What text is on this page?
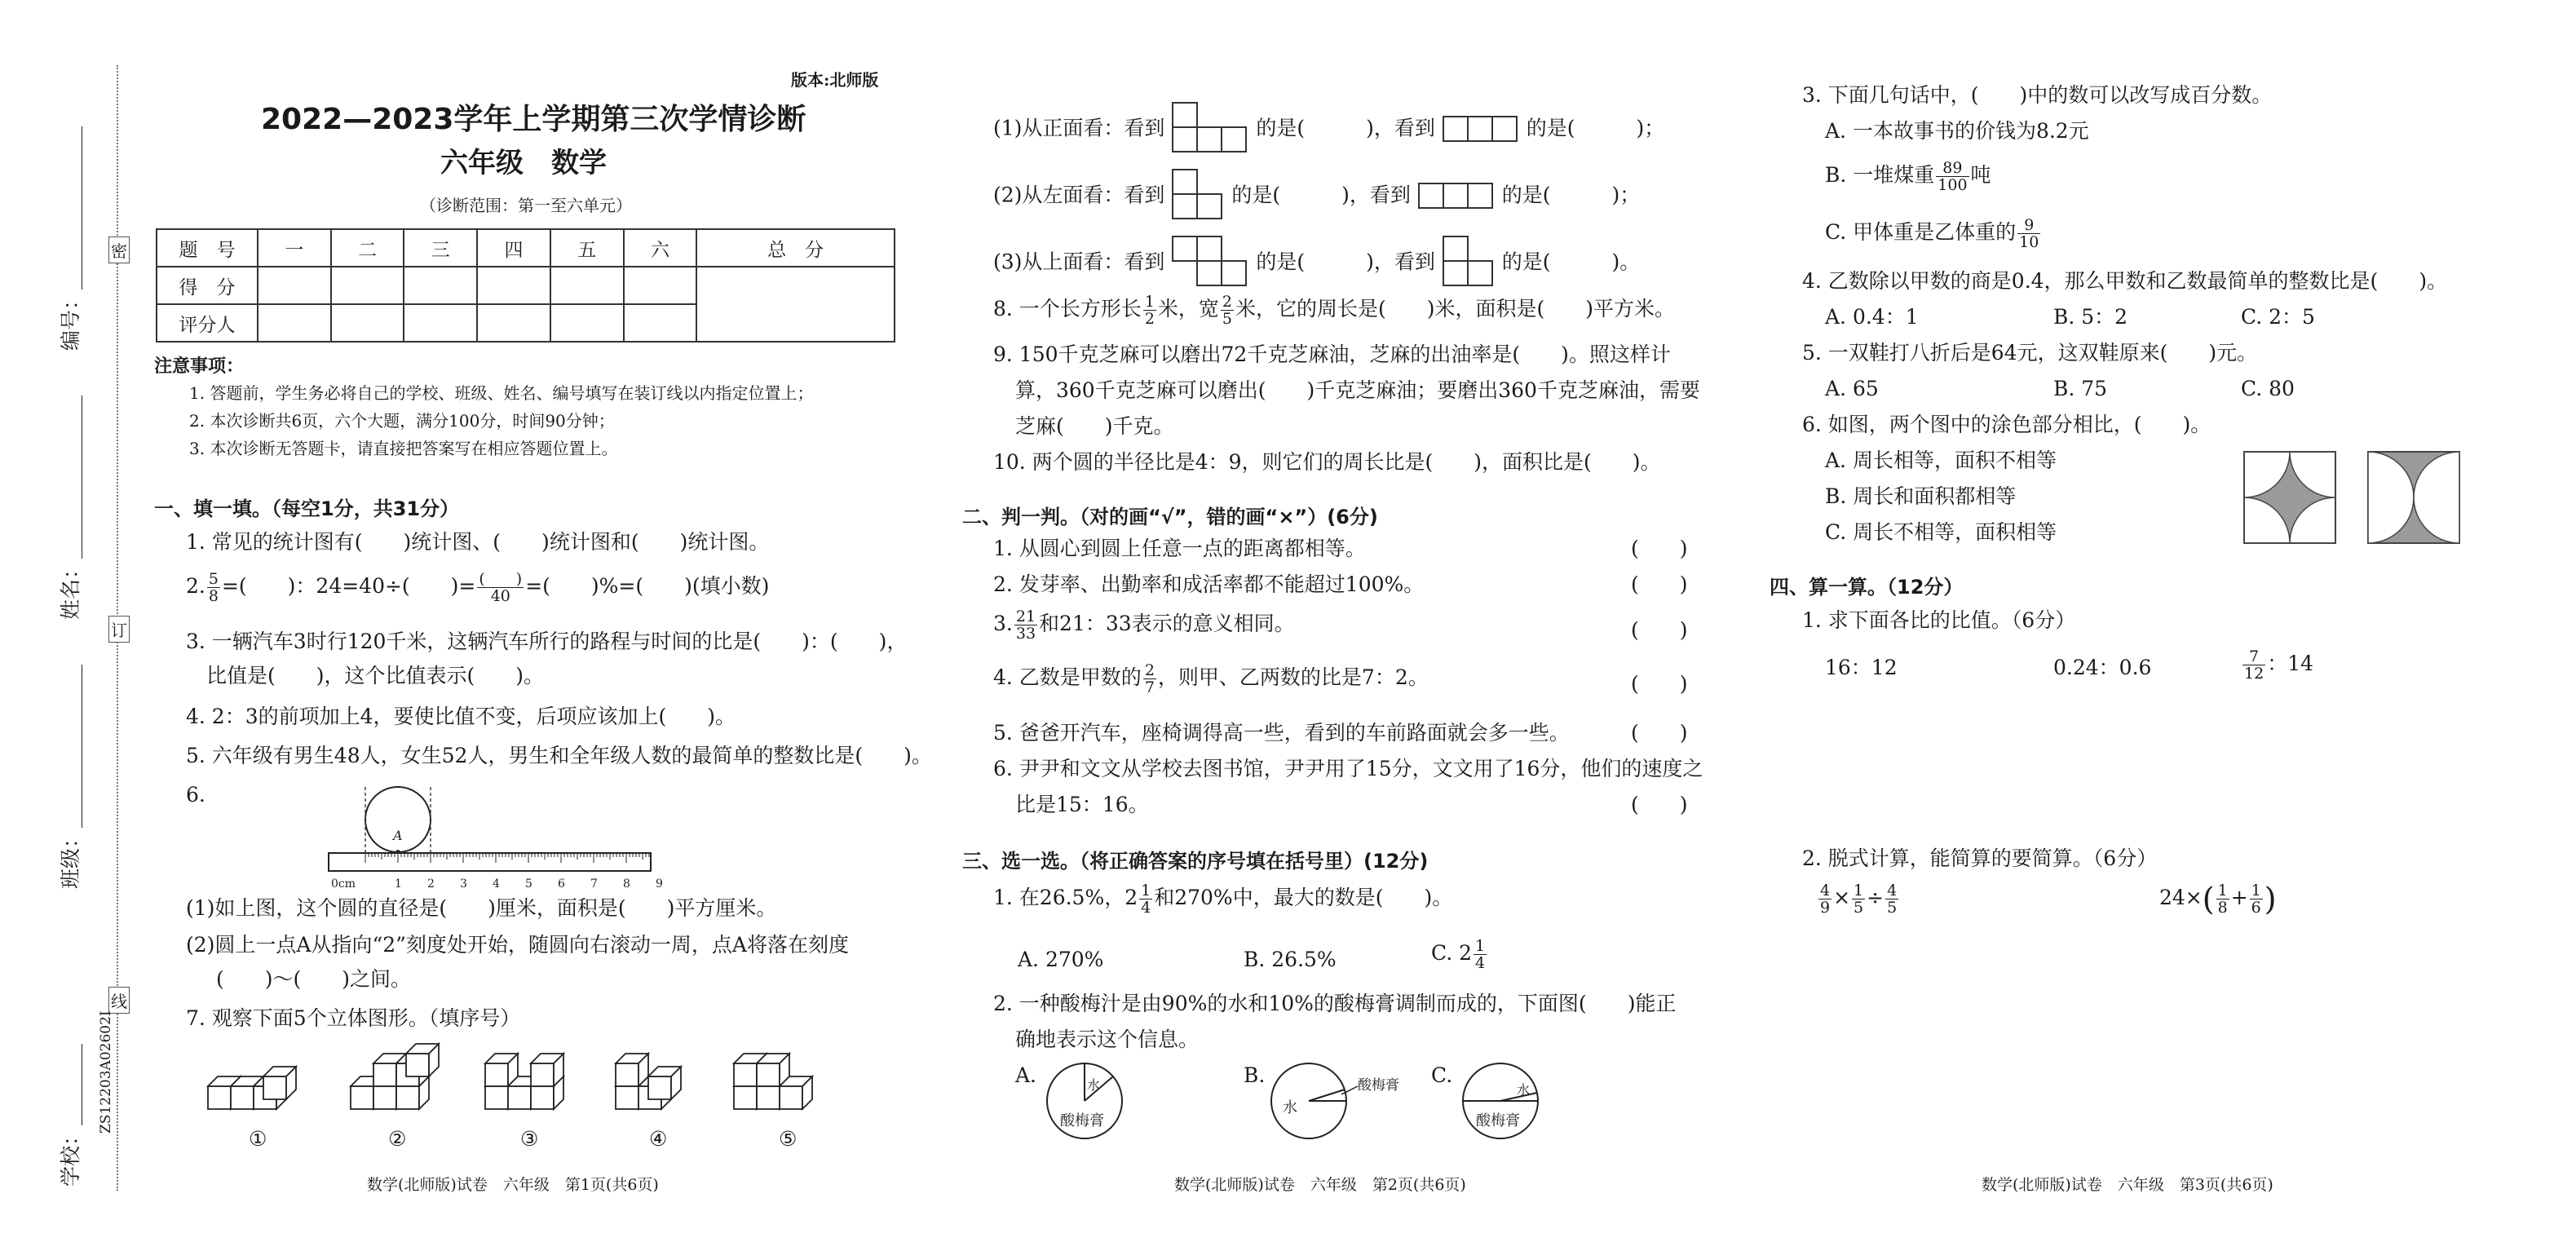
密
订
线
编号：________________
姓名：________________
班级：________________
学校：________ ZS12203A02602I
版本:北师版
2022—2023学年上学期第三次学情诊断
六年级　数学
（诊断范围：第一至六单元）
题　号	一	二	三	四	五	六	总　分
得　分							
评分人							
注意事项：
1. 答题前，学生务必将自己的学校、班级、姓名、编号填写在装订线以内指定位置上；
2. 本次诊断共6页，六个大题，满分100分，时间90分钟；
3. 本次诊断无答题卡，请直接把答案写在相应答题位置上。
一、填一填。（每空1分，共31分）
1. 常见的统计图有(　　)统计图、(　　)统计图和(　　)统计图。
2. $\frac{5}{8}$ =(　　)：24=40÷(　　)= $\frac{( )}{40}$ =(　　)%=(　　)(填小数)
3. 一辆汽车3时行120千米，这辆汽车所行的路程与时间的比是(　　)：(　　)，
比值是(　　)，这个比值表示(　　)。
4. 2：3的前项加上4，要使比值不变，后项应该加上(　　)。
5. 六年级有男生48人，女生52人，男生和全年级人数的最简单的整数比是(　　)。
6.
A
1 2 3 4 5 6 7 8 9
0cm
(1)如上图，这个圆的直径是(　　)厘米，面积是(　　)平方厘米。
(2)圆上一点A从指向“2”刻度处开始，随圆向右滚动一周，点A将落在刻度
(　　)～(　　)之间。
7. 观察下面5个立体图形。（填序号）
①	②	③	④	⑤
数学(北师版)试卷　六年级　第1页(共6页)
(1)从正面看：看到	的是(　　　)，看到	的是(　　　)；
(2)从左面看：看到	的是(　　　)，看到	的是(　　　)；
(3)从上面看：看到	的是(　　　)，看到	的是(　　　)。
8. 一个长方形长 $\frac{1}{2}$ 米，宽 $\frac{2}{5}$ 米，它的周长是(　　)米，面积是(　　)平方米。
9. 150千克芝麻可以磨出72千克芝麻油，芝麻的出油率是(　　)。照这样计
算，360千克芝麻可以磨出(　　)千克芝麻油；要磨出360千克芝麻油，需要
芝麻(　　)千克。
10. 两个圆的半径比是4：9，则它们的周长比是(　　)，面积比是(　　)。
二、判一判。（对的画“√”，错的画“×”）(6分)
1. 从圆心到圆上任意一点的距离都相等。	(　　)
2. 发芽率、出勤率和成活率都不能超过100%。	(　　)
3. $\frac{21}{33}$ 和21：33表示的意义相同。	(　　)
4. 乙数是甲数的 $\frac{2}{7}$ ，则甲、乙两数的比是7：2。	(　　)
5. 爸爸开汽车，座椅调得高一些，看到的车前路面就会多一些。	(　　)
6. 尹尹和文文从学校去图书馆，尹尹用了15分，文文用了16分，他们的速度之
比是15：16。	(　　)
三、选一选。（将正确答案的序号填在括号里）(12分)
1. 在26.5%，$2 \frac{1}{4}$ 和270%中，最大的数是(　　)。
A. 270%	B. 26.5%	C. $2 \frac{1}{4}$
2. 一种酸梅汁是由90%的水和10%的酸梅膏调制而成的，下面图(　　)能正
确地表示这个信息。
A.	水
酸梅膏
B.	酸梅膏
水
C.
水
酸梅膏
数学(北师版)试卷　六年级　第2页(共6页)
3. 下面几句话中，(　　)中的数可以改写成百分数。
A. 一本故事书的价钱为8.2元
B. 一堆煤重 $\frac{89}{100}$ 吨
C. 甲体重是乙体重的 $\frac{9}{10}$
4. 乙数除以甲数的商是0.4，那么甲数和乙数最简单的整数比是(　　)。
A. 0.4：1	B. 5：2	C. 2：5
5. 一双鞋打八折后是64元，这双鞋原来(　　)元。
A. 65	B. 75	C. 80
6. 如图，两个图中的涂色部分相比，(　　)。
A. 周长相等，面积不相等
B. 周长和面积都相等
C. 周长不相等，面积相等
四、算一算。（12分）
1. 求下面各比的比值。（6分）
16：12	0.24：0.6	$\frac{7}{12}$ ：14
2. 脱式计算，能简算的要简算。（6分）
$\frac{4}{9} \times \frac{1}{5} \div \frac{4}{5}$	$24\times( \frac{1}{8} + \frac{1}{6}$ )
数学(北师版)试卷　六年级　第3页(共6页)
